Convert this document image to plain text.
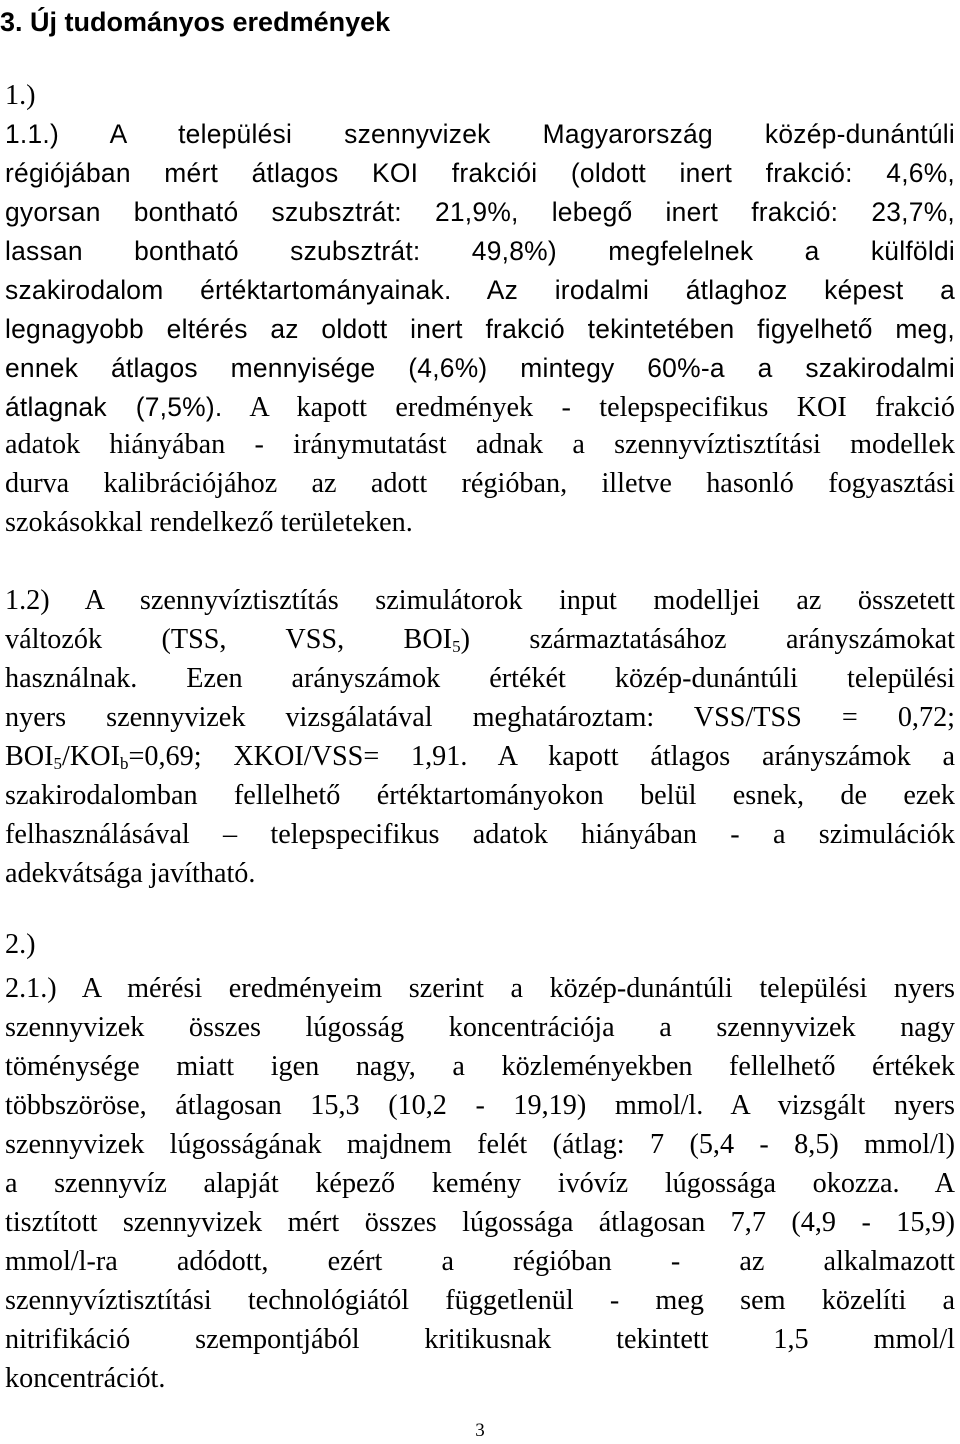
3. Új tudományos eredmények
1.)
1.1.) A települési szennyvizek Magyarország közép-dunántúli
régiójában mért átlagos KOI frakciói (oldott inert frakció: 4,6%,
gyorsan bontható szubsztrát: 21,9%, lebegő inert frakció: 23,7%,
lassan bontható szubsztrát: 49,8%) megfelelnek a külföldi
szakirodalom értéktartományainak. Az irodalmi átlaghoz képest a
legnagyobb eltérés az oldott inert frakció tekintetében figyelhető meg,
ennek átlagos mennyisége (4,6%) mintegy 60%-a a szakirodalmi
átlagnak (7,5%). A kapott eredmények - telepspecifikus KOI frakció
adatok hiányában - iránymutatást adnak a szennyvíztisztítási modellek
durva kalibrációjához az adott régióban, illetve hasonló fogyasztási
szokásokkal rendelkező területeken.
1.2) A szennyvíztisztítás szimulátorok input modelljei az összetett
változók (TSS, VSS, $BOI_5$) származtatásához arányszámokat
használnak. Ezen arányszámok értékét közép-dunántúli települési
nyers szennyvizek vizsgálatával meghatároztam: VSS/TSS = 0,72;
$BOI_5/KOI_b=0,69$; XKOI/VSS= 1,91. A kapott átlagos arányszámok a
szakirodalomban fellelhető értéktartományokon belül esnek, de ezek
felhasználásával – telepspecifikus adatok hiányában - a szimulációk
adekvátsága javítható.
2.)
2.1.) A mérési eredményeim szerint a közép-dunántúli települési nyers
szennyvizek összes lúgosság koncentrációja a szennyvizek nagy
töménysége miatt igen nagy, a közleményekben fellelhető értékek
többszöröse, átlagosan 15,3 (10,2 - 19,19) mmol/l. A vizsgált nyers
szennyvizek lúgosságának majdnem felét (átlag: 7 (5,4 - 8,5) mmol/l)
a szennyvíz alapját képező kemény ivóvíz lúgossága okozza. A
tisztított szennyvizek mért összes lúgossága átlagosan 7,7 (4,9 - 15,9)
mmol/l-ra adódott, ezért a régióban - az alkalmazott
szennyvíztisztítási technológiától függetlenül - meg sem közelíti a
nitrifikáció szempontjából kritikusnak tekintett 1,5 mmol/l
koncentrációt.
3
